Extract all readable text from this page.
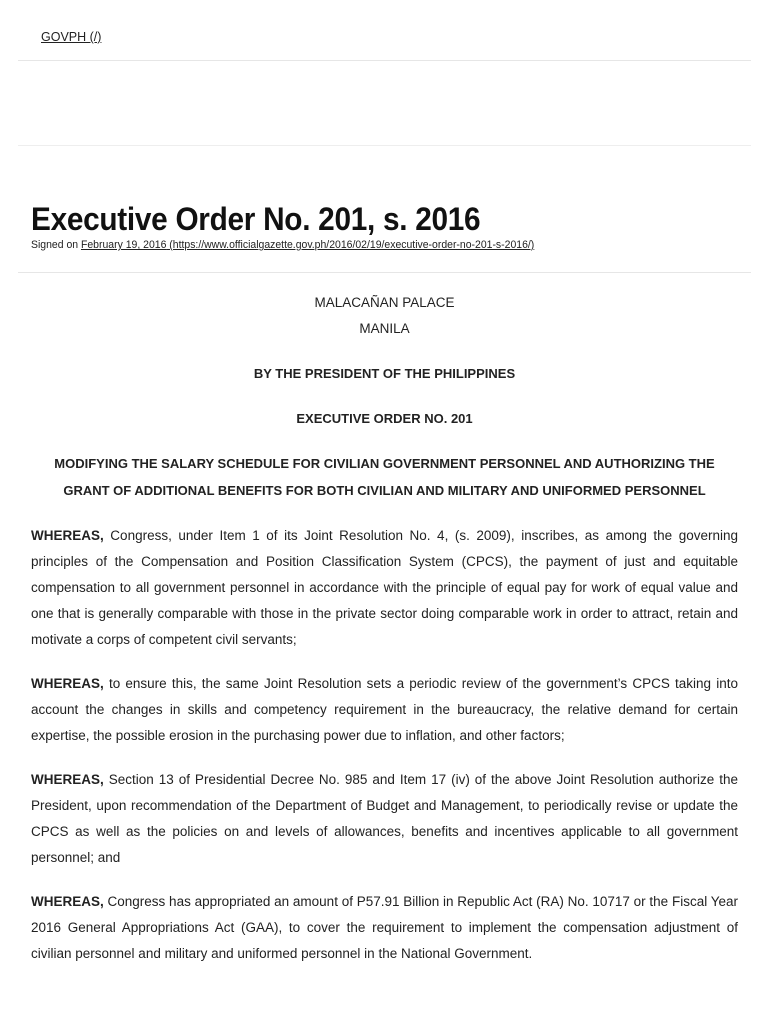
GOVPH (/)
Executive Order No. 201, s. 2016
Signed on February 19, 2016 (https://www.officialgazette.gov.ph/2016/02/19/executive-order-no-201-s-2016/)

MALACAÑAN PALACE

MANILA

BY THE PRESIDENT OF THE PHILIPPINES

EXECUTIVE ORDER NO. 201

MODIFYING THE SALARY SCHEDULE FOR CIVILIAN GOVERNMENT PERSONNEL AND AUTHORIZING THE GRANT OF ADDITIONAL BENEFITS FOR BOTH CIVILIAN AND MILITARY AND UNIFORMED PERSONNEL

WHEREAS, Congress, under Item 1 of its Joint Resolution No. 4, (s. 2009), inscribes, as among the governing principles of the Compensation and Position Classification System (CPCS), the payment of just and equitable compensation to all government personnel in accordance with the principle of equal pay for work of equal value and one that is generally comparable with those in the private sector doing comparable work in order to attract, retain and motivate a corps of competent civil servants;

WHEREAS, to ensure this, the same Joint Resolution sets a periodic review of the government’s CPCS taking into account the changes in skills and competency requirement in the bureaucracy, the relative demand for certain expertise, the possible erosion in the purchasing power due to inflation, and other factors;

WHEREAS, Section 13 of Presidential Decree No. 985 and Item 17 (iv) of the above Joint Resolution authorize the President, upon recommendation of the Department of Budget and Management, to periodically revise or update the CPCS as well as the policies on and levels of allowances, benefits and incentives applicable to all government personnel; and

WHEREAS, Congress has appropriated an amount of P57.91 Billion in Republic Act (RA) No. 10717 or the Fiscal Year 2016 General Appropriations Act (GAA), to cover the requirement to implement the compensation adjustment of civilian personnel and military and uniformed personnel in the National Government.
